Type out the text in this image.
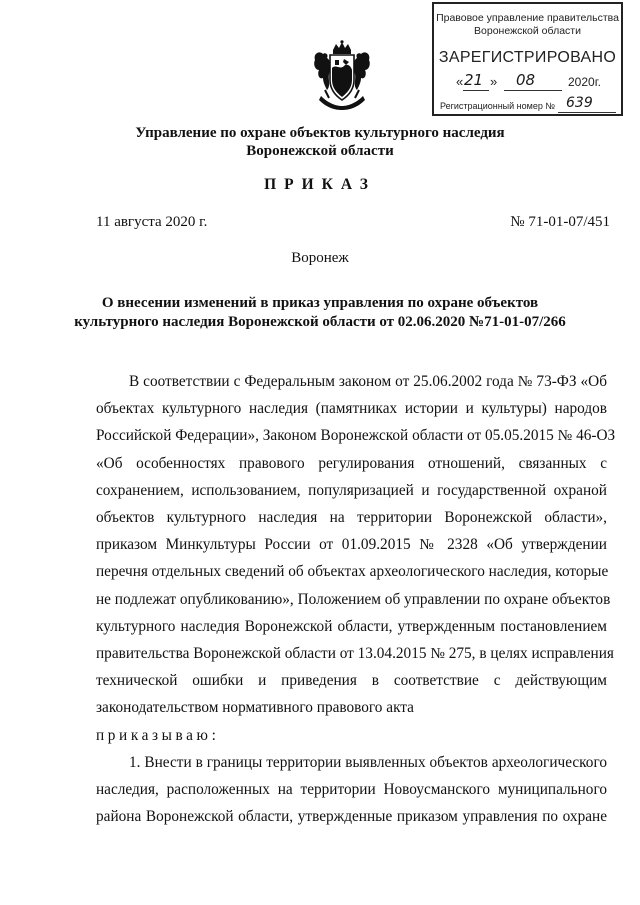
Правовое управление правительства
Воронежской области
ЗАРЕГИСТРИРОВАНО
« 21 » 08	2020г.
Регистрационный номер № 639
Управление по охране объектов культурного наследия
Воронежской области
ПРИКАЗ
11 августа 2020 г.	№ 71-01-07/451
Воронеж
О внесении изменений в приказ управления по охране объектов
культурного наследия Воронежской области от 02.06.2020 №71-01-07/266
В соответствии с Федеральным законом от 25.06.2002 года № 73-ФЗ «Об
объектах культурного наследия (памятниках истории и культуры) народов
Российской Федерации», Законом Воронежской области от 05.05.2015 № 46-ОЗ
«Об особенностях правового регулирования отношений, связанных с
сохранением, использованием, популяризацией и государственной охраной
объектов культурного наследия на территории Воронежской области»,
приказом Минкультуры России от 01.09.2015 № 2328 «Об утверждении
перечня отдельных сведений об объектах археологического наследия, которые
не подлежат опубликованию», Положением об управлении по охране объектов
культурного наследия Воронежской области, утвержденным постановлением
правительства Воронежской области от 13.04.2015 № 275, в целях исправления
технической ошибки и приведения в соответствие с действующим
законодательством нормативного правового акта
приказываю:
1. Внести в границы территории выявленных объектов археологического
наследия, расположенных на территории Новоусманского муниципального
района Воронежской области, утвержденные приказом управления по охране
